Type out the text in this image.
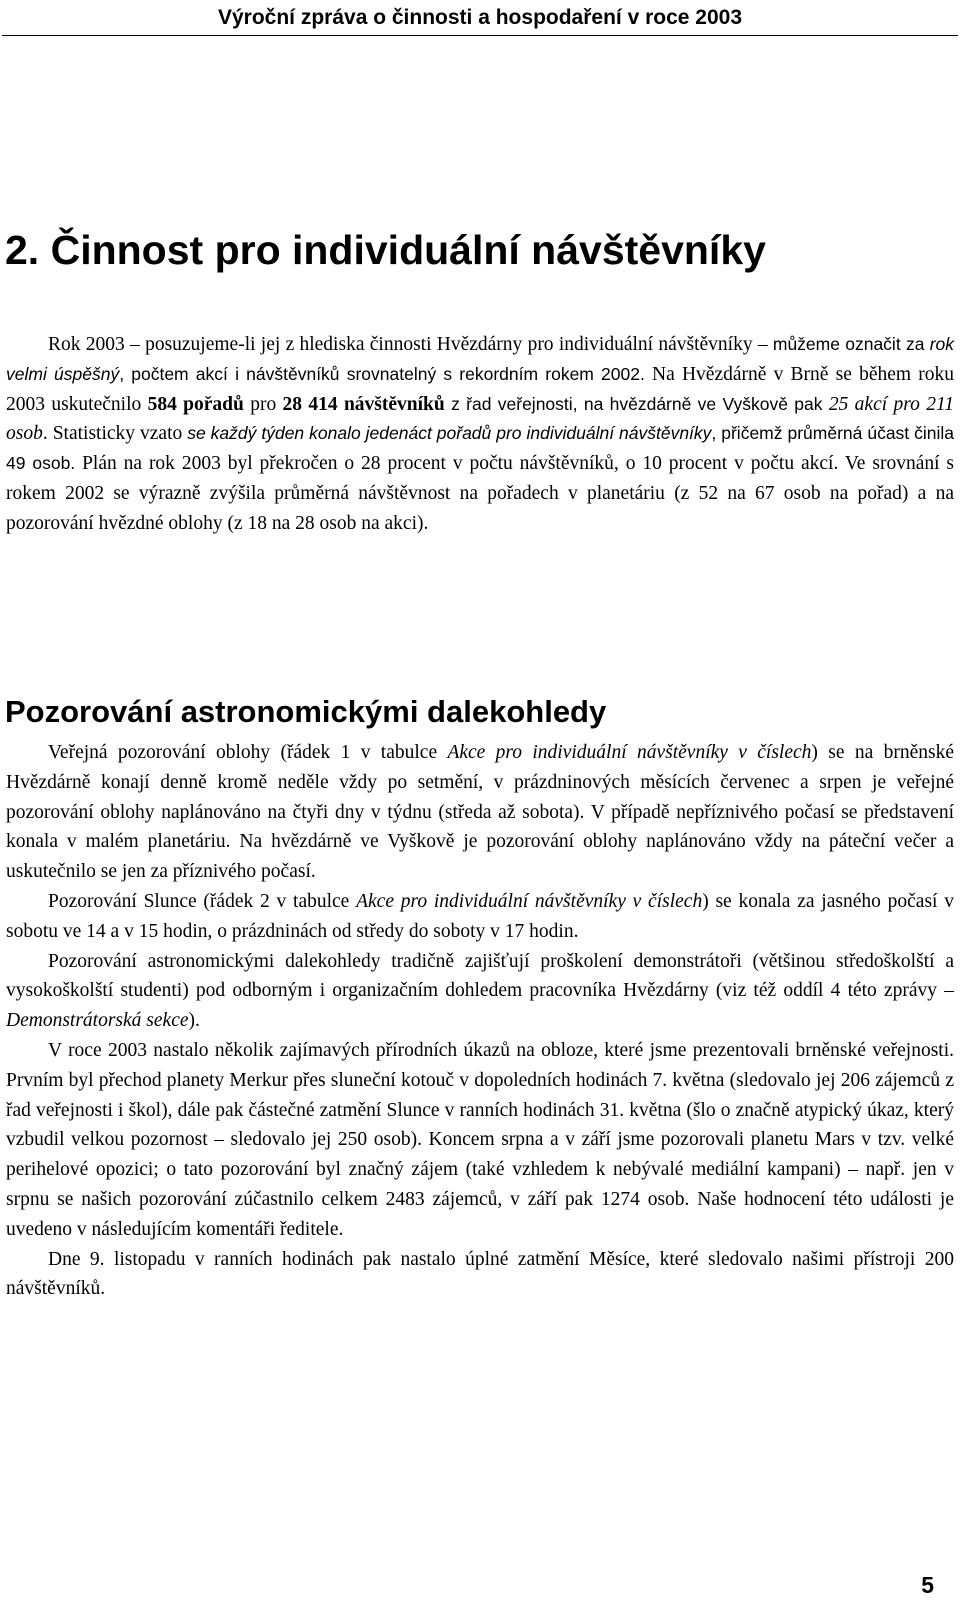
Výroční zpráva o činnosti a hospodaření v roce 2003
2. Činnost pro individuální návštěvníky

Rok 2003 – posuzujeme-li jej z hlediska činnosti Hvězdárny pro individuální návštěvníky – můžeme označit za rok velmi úspěšný, počtem akcí i návštěvníků srovnatelný s rekordním rokem 2002. Na Hvězdárně v Brně se během roku 2003 uskutečnilo 584 pořadů pro 28 414 návštěvníků z řad veřejnosti, na hvězdárně ve Vyškově pak 25 akcí pro 211 osob. Statisticky vzato se každý týden konalo jedenáct pořadů pro individuální návštěvníky, přičemž průměrná účast činila 49 osob. Plán na rok 2003 byl překročen o 28 procent v počtu návštěvníků, o 10 procent v počtu akcí. Ve srovnání s rokem 2002 se výrazně zvýšila průměrná návštěvnost na pořadech v planetáriu (z 52 na 67 osob na pořad) a na pozorování hvězdné oblohy (z 18 na 28 osob na akci).

Pozorování astronomickými dalekohledy

Veřejná pozorování oblohy (řádek 1 v tabulce Akce pro individuální návštěvníky v číslech) se na brněnské Hvězdárně konají denně kromě neděle vždy po setmění, v prázdninových měsících červenec a srpen je veřejné pozorování oblohy naplánováno na čtyři dny v týdnu (středa až sobota). V případě nepříznivého počasí se představení konala v malém planetáriu. Na hvězdárně ve Vyškově je pozorování oblohy naplánováno vždy na páteční večer a uskutečnilo se jen za příznivého počasí.

Pozorování Slunce (řádek 2 v tabulce Akce pro individuální návštěvníky v číslech) se konala za jasného počasí v sobotu ve 14 a v 15 hodin, o prázdninách od středy do soboty v 17 hodin.

Pozorování astronomickými dalekohledy tradičně zajišťují proškolení demonstrátoři (většinou středoškolští a vysokoškolští studenti) pod odborným i organizačním dohledem pracovníka Hvězdárny (viz též oddíl 4 této zprávy – Demonstrátorská sekce).

V roce 2003 nastalo několik zajímavých přírodních úkazů na obloze, které jsme prezentovali brněnské veřejnosti. Prvním byl přechod planety Merkur přes sluneční kotouč v dopoledních hodinách 7. května (sledovalo jej 206 zájemců z řad veřejnosti i škol), dále pak částečné zatmění Slunce v ranních hodinách 31. května (šlo o značně atypický úkaz, který vzbudil velkou pozornost – sledovalo jej 250 osob). Koncem srpna a v září jsme pozorovali planetu Mars v tzv. velké perihelové opozici; o tato pozorování byl značný zájem (také vzhledem k nebývalé mediální kampani) – např. jen v srpnu se našich pozorování zúčastnilo celkem 2483 zájemců, v září pak 1274 osob. Naše hodnocení této události je uvedeno v následujícím komentáři ředitele.

Dne 9. listopadu v ranních hodinách pak nastalo úplné zatmění Měsíce, které sledovalo našimi přístroji 200 návštěvníků.

5
